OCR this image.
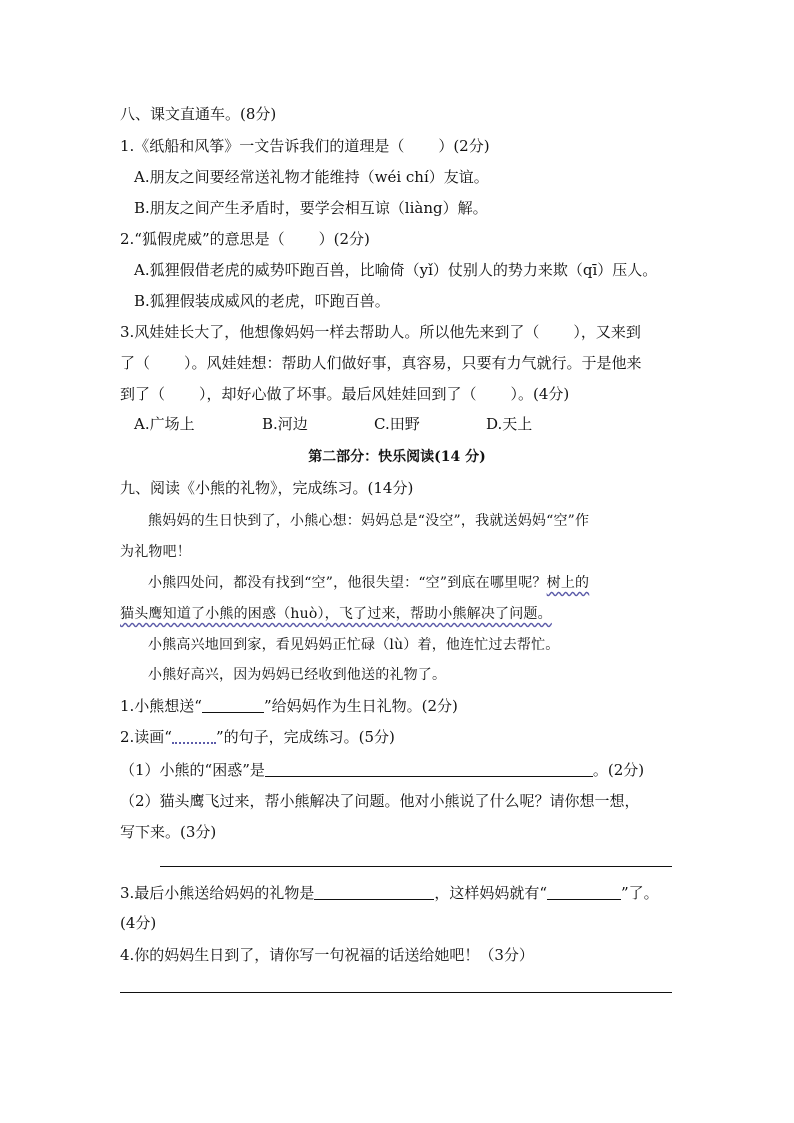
八、课文直通车。(8分)
1.《纸船和风筝》一文告诉我们的道理是（ ）(2分)
A.朋友之间要经常送礼物才能维持（wéi chí）友谊。
B.朋友之间产生矛盾时，要学会相互谅（liàng）解。
2.“狐假虎威”的意思是（ ）(2分)
A.狐狸假借老虎的威势吓跑百兽，比喻倚（yǐ）仗别人的势力来欺（qī）压人。
B.狐狸假装成威风的老虎，吓跑百兽。
3.风娃娃长大了，他想像妈妈一样去帮助人。所以他先来到了（ ），又来到
了（ ）。风娃娃想：帮助人们做好事，真容易，只要有力气就行。于是他来
到了（ ），却好心做了坏事。最后风娃娃回到了（ ）。(4分)
A.广场上	B.河边	C.田野	D.天上
第二部分：快乐阅读(14 分)
九、阅读《小熊的礼物》，完成练习。(14分)
熊妈妈的生日快到了，小熊心想：妈妈总是“没空”，我就送妈妈“空”作
为礼物吧！
小熊四处问，都没有找到“空”，他很失望：“空”到底在哪里呢？树上的
猫头鹰知道了小熊的困惑（huò），飞了过来，帮助小熊解决了问题。
小熊高兴地回到家，看见妈妈正忙碌（lù）着，他连忙过去帮忙。
小熊好高兴，因为妈妈已经收到他送的礼物了。
1.小熊想送“	”给妈妈作为生日礼物。(2分)
2.读画“	”的句子，完成练习。(5分)
（1）小熊的“困惑”是	。(2分)
（2）猫头鹰飞过来，帮小熊解决了问题。他对小熊说了什么呢？请你想一想，
写下来。(3分)
3.最后小熊送给妈妈的礼物是	，这样妈妈就有“	”了。
(4分)
4.你的妈妈生日到了，请你写一句祝福的话送给她吧！（3分）
